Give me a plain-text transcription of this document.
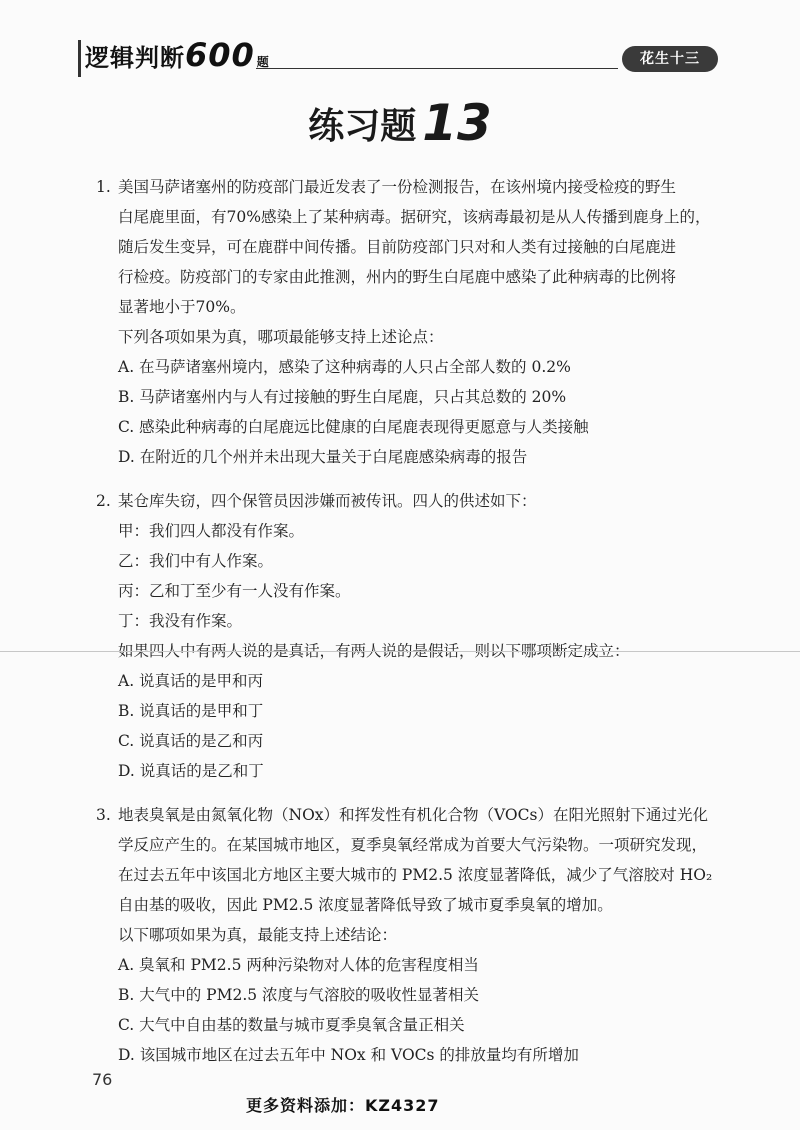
逻辑判断600 题	花生十三
练习题 13
1. 美国马萨诸塞州的防疫部门最近发表了一份检测报告，在该州境内接受检疫的野生
白尾鹿里面，有70%感染上了某种病毒。据研究，该病毒最初是从人传播到鹿身上的，
随后发生变异，可在鹿群中间传播。目前防疫部门只对和人类有过接触的白尾鹿进
行检疫。防疫部门的专家由此推测，州内的野生白尾鹿中感染了此种病毒的比例将
显著地小于70%。
下列各项如果为真，哪项最能够支持上述论点：
A. 在马萨诸塞州境内，感染了这种病毒的人只占全部人数的 0.2%
B. 马萨诸塞州内与人有过接触的野生白尾鹿，只占其总数的 20%
C. 感染此种病毒的白尾鹿远比健康的白尾鹿表现得更愿意与人类接触
D. 在附近的几个州并未出现大量关于白尾鹿感染病毒的报告
2. 某仓库失窃，四个保管员因涉嫌而被传讯。四人的供述如下：
甲：我们四人都没有作案。
乙：我们中有人作案。
丙：乙和丁至少有一人没有作案。
丁：我没有作案。
如果四人中有两人说的是真话，有两人说的是假话，则以下哪项断定成立：
A. 说真话的是甲和丙
B. 说真话的是甲和丁
C. 说真话的是乙和丙
D. 说真话的是乙和丁
3. 地表臭氧是由氮氧化物（NOx）和挥发性有机化合物（VOCs）在阳光照射下通过光化
学反应产生的。在某国城市地区，夏季臭氧经常成为首要大气污染物。一项研究发现，
在过去五年中该国北方地区主要大城市的 PM2.5 浓度显著降低，减少了气溶胶对 HO₂
自由基的吸收，因此 PM2.5 浓度显著降低导致了城市夏季臭氧的增加。
以下哪项如果为真，最能支持上述结论：
A. 臭氧和 PM2.5 两种污染物对人体的危害程度相当
B. 大气中的 PM2.5 浓度与气溶胶的吸收性显著相关
C. 大气中自由基的数量与城市夏季臭氧含量正相关
D. 该国城市地区在过去五年中 NOx 和 VOCs 的排放量均有所增加
76
更多资料添加：KZ4327
